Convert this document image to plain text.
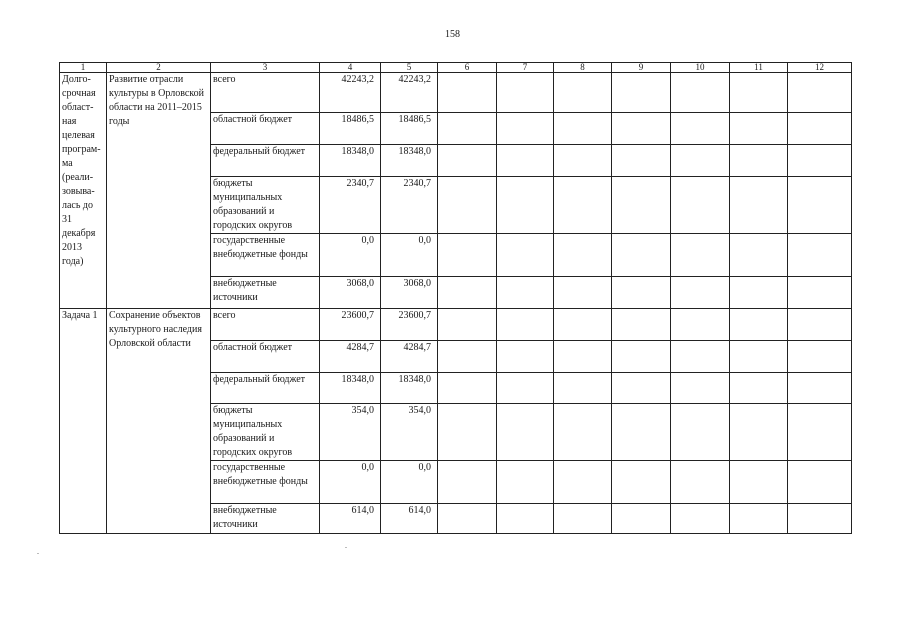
158
1	2	3	4	5	6	7	8	9	10	11	12
Долго-срочная област-ная целевая програм-ма (реали-зовыва-лась до 31 декабря 2013 года)	Развитие отрасли культуры в Орловской области на 2011–2015 годы	всего	42243,2	42243,2							
		областной бюджет	18486,5	18486,5							
		федеральный бюджет	18348,0	18348,0							
		бюджеты муниципальных образований и городских округов	2340,7	2340,7							
		государственные внебюджетные фонды	0,0	0,0							
		внебюджетные источники	3068,0	3068,0							
Задача 1	Сохранение объектов культурного наследия Орловской области	всего	23600,7	23600,7							
		областной бюджет	4284,7	4284,7							
		федеральный бюджет	18348,0	18348,0							
		бюджеты муниципальных образований и городских округов	354,0	354,0							
		государственные внебюджетные фонды	0,0	0,0							
		внебюджетные источники	614,0	614,0							
